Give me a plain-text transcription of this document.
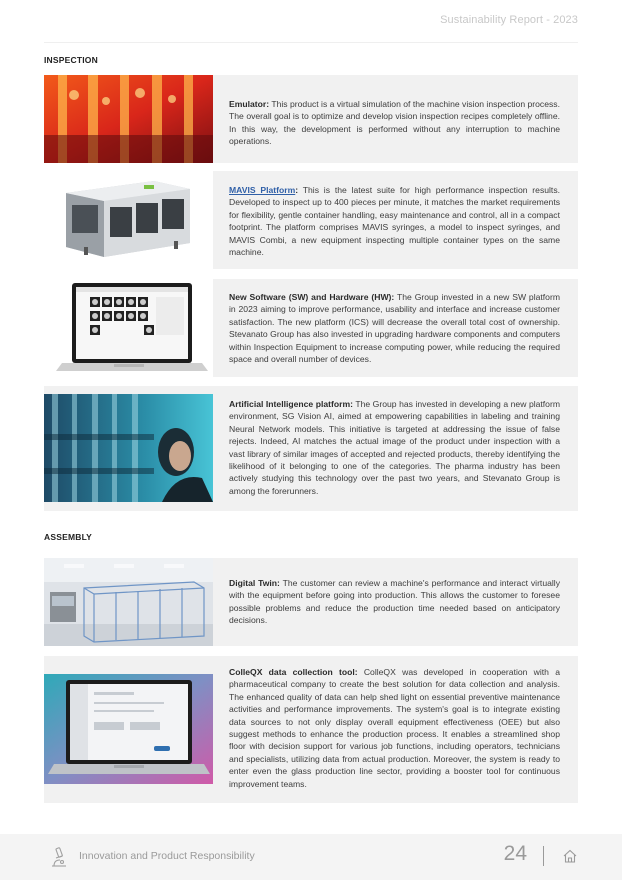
Sustainability Report - 2023
INSPECTION
Emulator: This product is a virtual simulation of the machine vision inspection process. The overall goal is to optimize and develop vision inspection recipes completely offline. In this way, the development is performed without any interruption to machine operations.
MAVIS Platform: This is the latest suite for high performance inspection results. Developed to inspect up to 400 pieces per minute, it matches the market requirements for flexibility, gentle container handling, easy maintenance and control, all in a compact footprint. The platform comprises MAVIS syringes, a model to inspect syringes, and MAVIS Combi, a new equipment inspecting multiple container types on the same machine.
New Software (SW) and Hardware (HW): The Group invested in a new SW platform in 2023 aiming to improve performance, usability and interface and increase customer satisfaction. The new platform (ICS) will decrease the overall total cost of ownership. Stevanato Group has also invested in upgrading hardware components and computers within Inspection Equipment to increase computing power, while reducing the required space and overall number of devices.
Artificial Intelligence platform: The Group has invested in developing a new platform environment, SG Vision AI, aimed at empowering capabilities in labeling and training Neural Network models. This initiative is targeted at addressing the issue of false rejects. Indeed, AI matches the actual image of the product under inspection with a vast library of similar images of accepted and rejected products, thereby identifying the likelihood of it belonging to one of the categories. The pharma industry has been actively studying this technology over the past two years, and Stevanato Group is among the forerunners.
ASSEMBLY
Digital Twin: The customer can review a machine's performance and interact virtually with the equipment before going into production. This allows the customer to foresee possible problems and reduce the production time needed based on anticipatory decisions.
ColleQX data collection tool: ColleQX was developed in cooperation with a pharmaceutical company to create the best solution for data collection and analysis. The enhanced quality of data can help shed light on essential preventive maintenance activities and performance improvements. The system's goal is to integrate existing data sources to not only display overall equipment effectiveness (OEE) but also suggest methods to enhance the production process. It enables a streamlined shop floor with decision support for various job functions, including operators, technicians and specialists, utilizing data from actual production. Moreover, the system is ready to enter even the glass production line sector, providing a booster tool for continuous improvement teams.
Innovation and Product Responsibility	24
